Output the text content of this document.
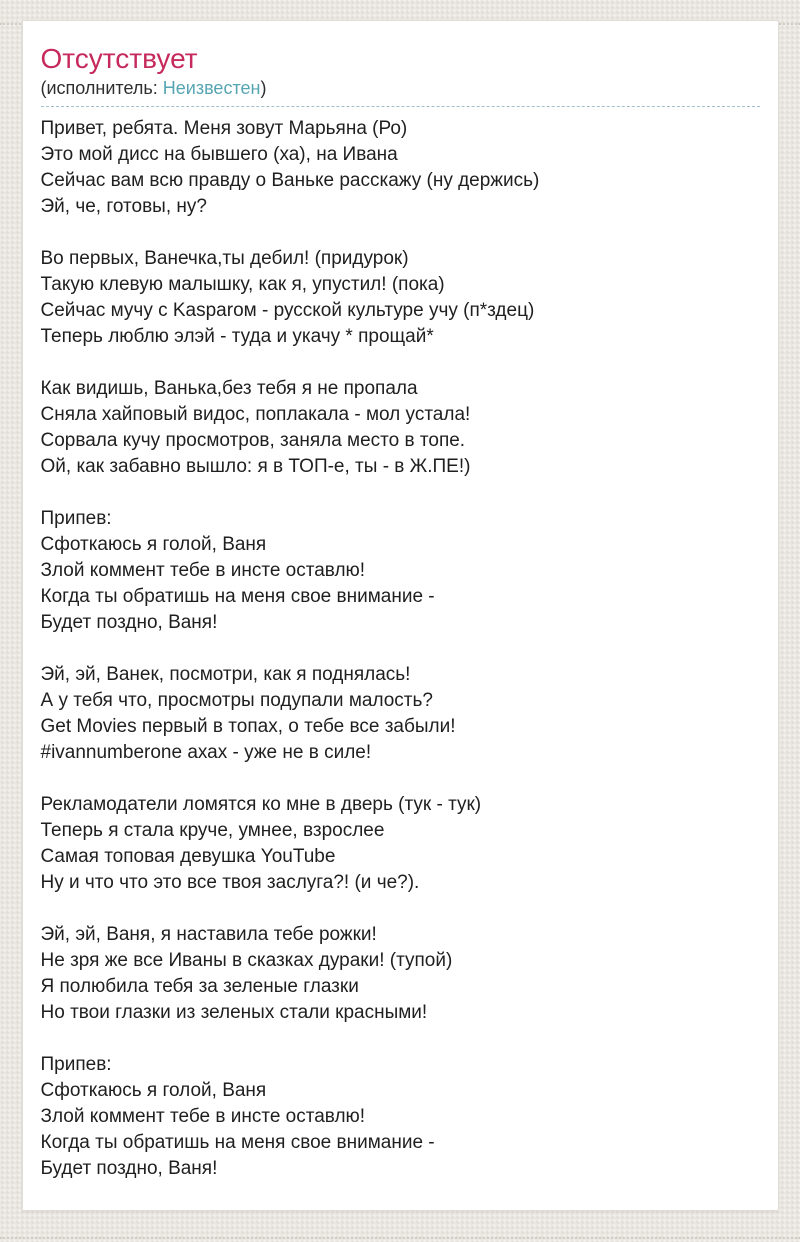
Отсутствует
(исполнитель: Неизвестен)
Привет, ребята. Меня зовут Марьяна (Ро)
Это мой дисс на бывшего (ха), на Ивана
Сейчас вам всю правду о Ваньке расскажу (ну держись)
Эй, че, готовы, ну?
Во первых, Ванечка,ты дебил! (придурок)
Такую клевую малышку, как я, упустил! (пока)
Сейчас мучу с Kasparoм - русской культуре учу (п*здец)
Теперь люблю элэй - туда и укачу * прощай*
Как видишь, Ванька,без тебя я не пропала
Сняла хайповый видос, поплакала - мол устала!
Сорвала кучу просмотров, заняла место в топе.
Ой, как забавно вышло: я в ТОП-е, ты - в Ж.ПЕ!)
Припев:
Сфоткаюсь я голой, Ваня
Злой коммент тебе в инсте оставлю!
Когда ты обратишь на меня свое внимание -
Будет поздно, Ваня!
Эй, эй, Ванек, посмотри, как я поднялась!
А у тебя что, просмотры подупали малость?
Get Movies первый в топах, о тебе все забыли!
#ivannumberone ахах - уже не в силе!
Рекламодатели ломятся ко мне в дверь (тук - тук)
Теперь я стала круче, умнее, взрослее
Самая топовая девушка YouTube
Ну и что что это все твоя заслуга?! (и че?).
Эй, эй, Ваня, я наставила тебе рожки!
Не зря же все Иваны в сказках дураки! (тупой)
Я полюбила тебя за зеленые глазки
Но твои глазки из зеленых стали красными!
Припев:
Сфоткаюсь я голой, Ваня
Злой коммент тебе в инсте оставлю!
Когда ты обратишь на меня свое внимание -
Будет поздно, Ваня!
